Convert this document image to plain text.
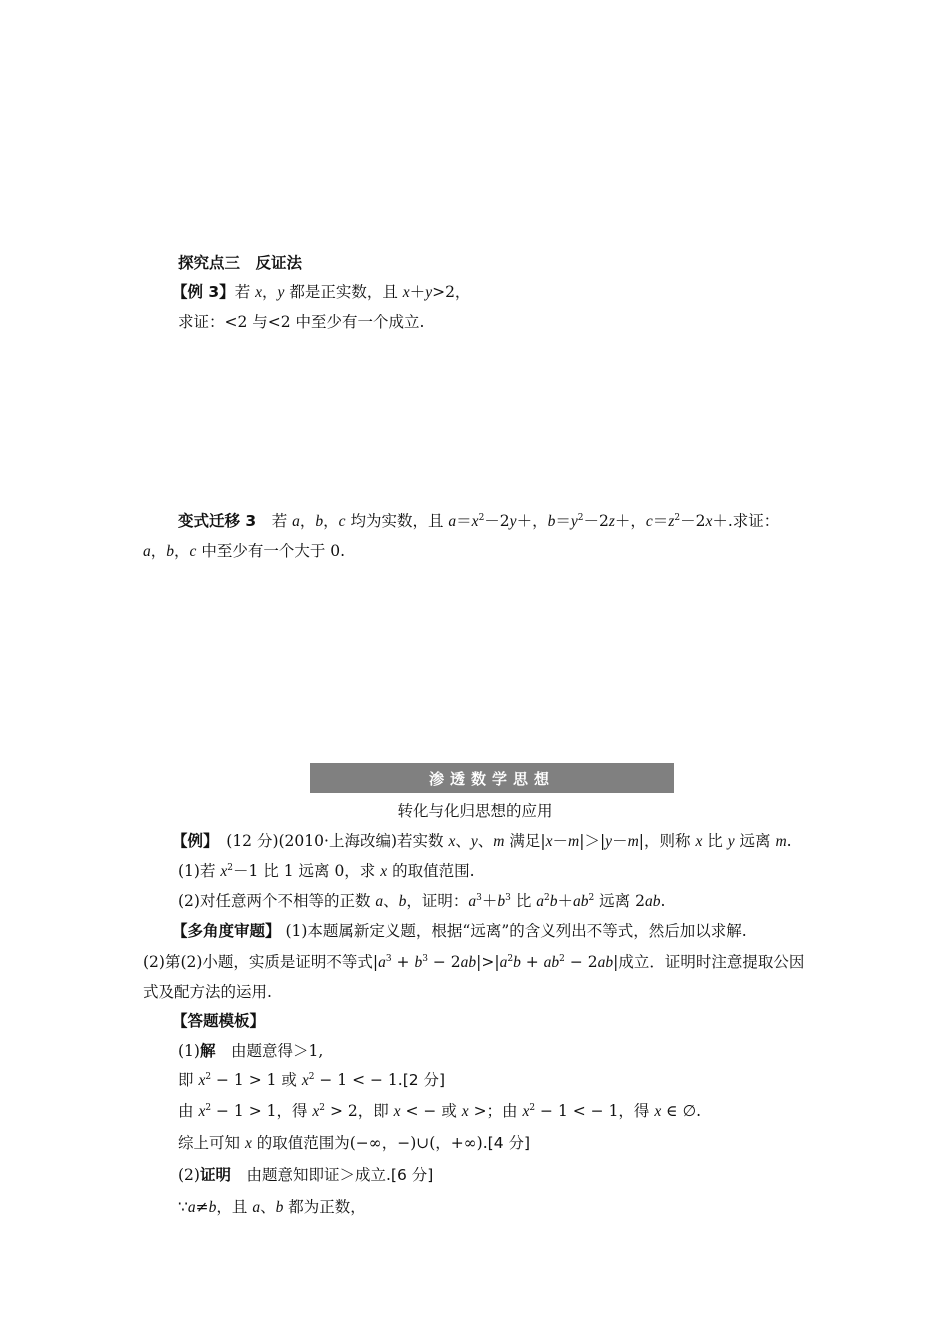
探究点三　反证法
【例 3】若 x，y 都是正实数，且 x＋y>2，
求证：<2 与<2 中至少有一个成立.
变式迁移 3　若 a，b，c 均为实数，且 $a=x^2-2y+$，$b=y^2-2z+$，$c=z^2-2x+$.求证：
a，b，c 中至少有一个大于 0.
渗透数学思想
转化与化归思想的应用
【例】　(12 分)(2010·上海改编)若实数 x、y、m 满足|x－m|＞|y－m|，则称 x 比 y 远离 m.
(1)若 $x^2-1$ 比 1 远离 0，求 x 的取值范围.
(2)对任意两个不相等的正数 a、b，证明：$a^3+b^3$ 比 $a^2b+ab^2$ 远离 2ab.
【多角度审题】 (1)本题属新定义题，根据“远离”的含义列出不等式，然后加以求解.
(2)第(2)小题，实质是证明不等式$|a^3 + b^3 - 2ab|>|a^2b + ab^2 - 2ab|$成立．证明时注意提取公因
式及配方法的运用.
【答题模板】
(1)解　由题意得＞1,
即 $x^2 - 1 > 1$ 或 $x^2 - 1$ < − 1.[2 分]
由 $x^2 - 1 > 1$，得 $x^2 > 2$，即 x < − 或 x >；由 $x^2 - 1$ < − 1，得 x ∈ ∅.
综上可知 x 的取值范围为(−∞，−)∪(，+∞).[4 分]
(2)证明　由题意知即证＞成立.[6 分]
∵a≠b，且 a、b 都为正数，
